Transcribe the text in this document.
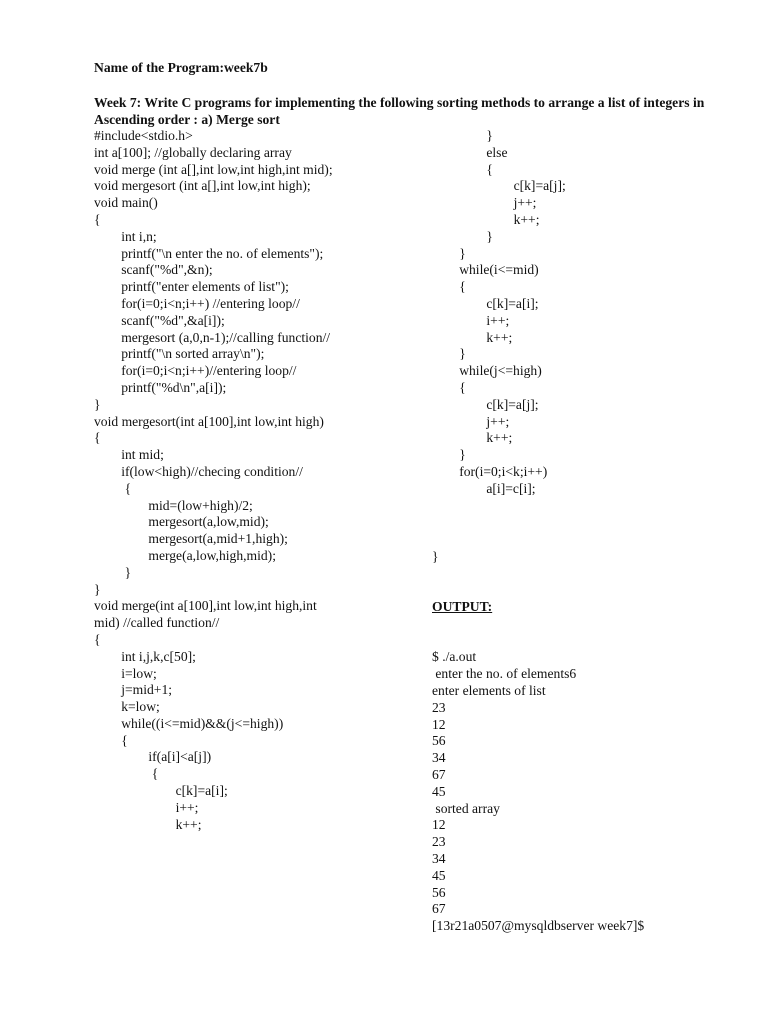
Name of the Program:week7b
Week 7: Write C programs for implementing the following sorting methods to arrange a list of integers in Ascending order : a) Merge sort
#include<stdio.h>
int a[100]; //globally declaring array
void merge (int a[],int low,int high,int mid);
void mergesort (int a[],int low,int high);
void main()
{
int i,n;
printf("\n enter the no. of elements");
scanf("%d",&n);
printf("enter elements of list");
for(i=0;i<n;i++) //entering loop//
scanf("%d",&a[i]);
mergesort (a,0,n-1);//calling function//
printf("\n sorted array\n");
for(i=0;i<n;i++)//entering loop//
printf("%d\n",a[i]);
}
void mergesort(int a[100],int low,int high)
{
int mid;
if(low<high)//checing condition//
{
mid=(low+high)/2;
mergesort(a,low,mid);
mergesort(a,mid+1,high);
merge(a,low,high,mid);
}
}
void merge(int a[100],int low,int high,int
mid) //called function//
{
int i,j,k,c[50];
i=low;
j=mid+1;
k=low;
while((i<=mid)&&(j<=high))
{
if(a[i]<a[j])
{
c[k]=a[i];
i++;
k++;
}
else
{
c[k]=a[j];
j++;
k++;
}
}
while(i<=mid)
{
c[k]=a[i];
i++;
k++;
}
while(j<=high)
{
c[k]=a[j];
j++;
k++;
}
for(i=0;i<k;i++)
a[i]=c[i];

}

OUTPUT:

$ ./a.out
enter the no. of elements6
enter elements of list
23
12
56
34
67
45
sorted array
12
23
34
45
56
67
[13r21a0507@mysqldbserver week7]$
